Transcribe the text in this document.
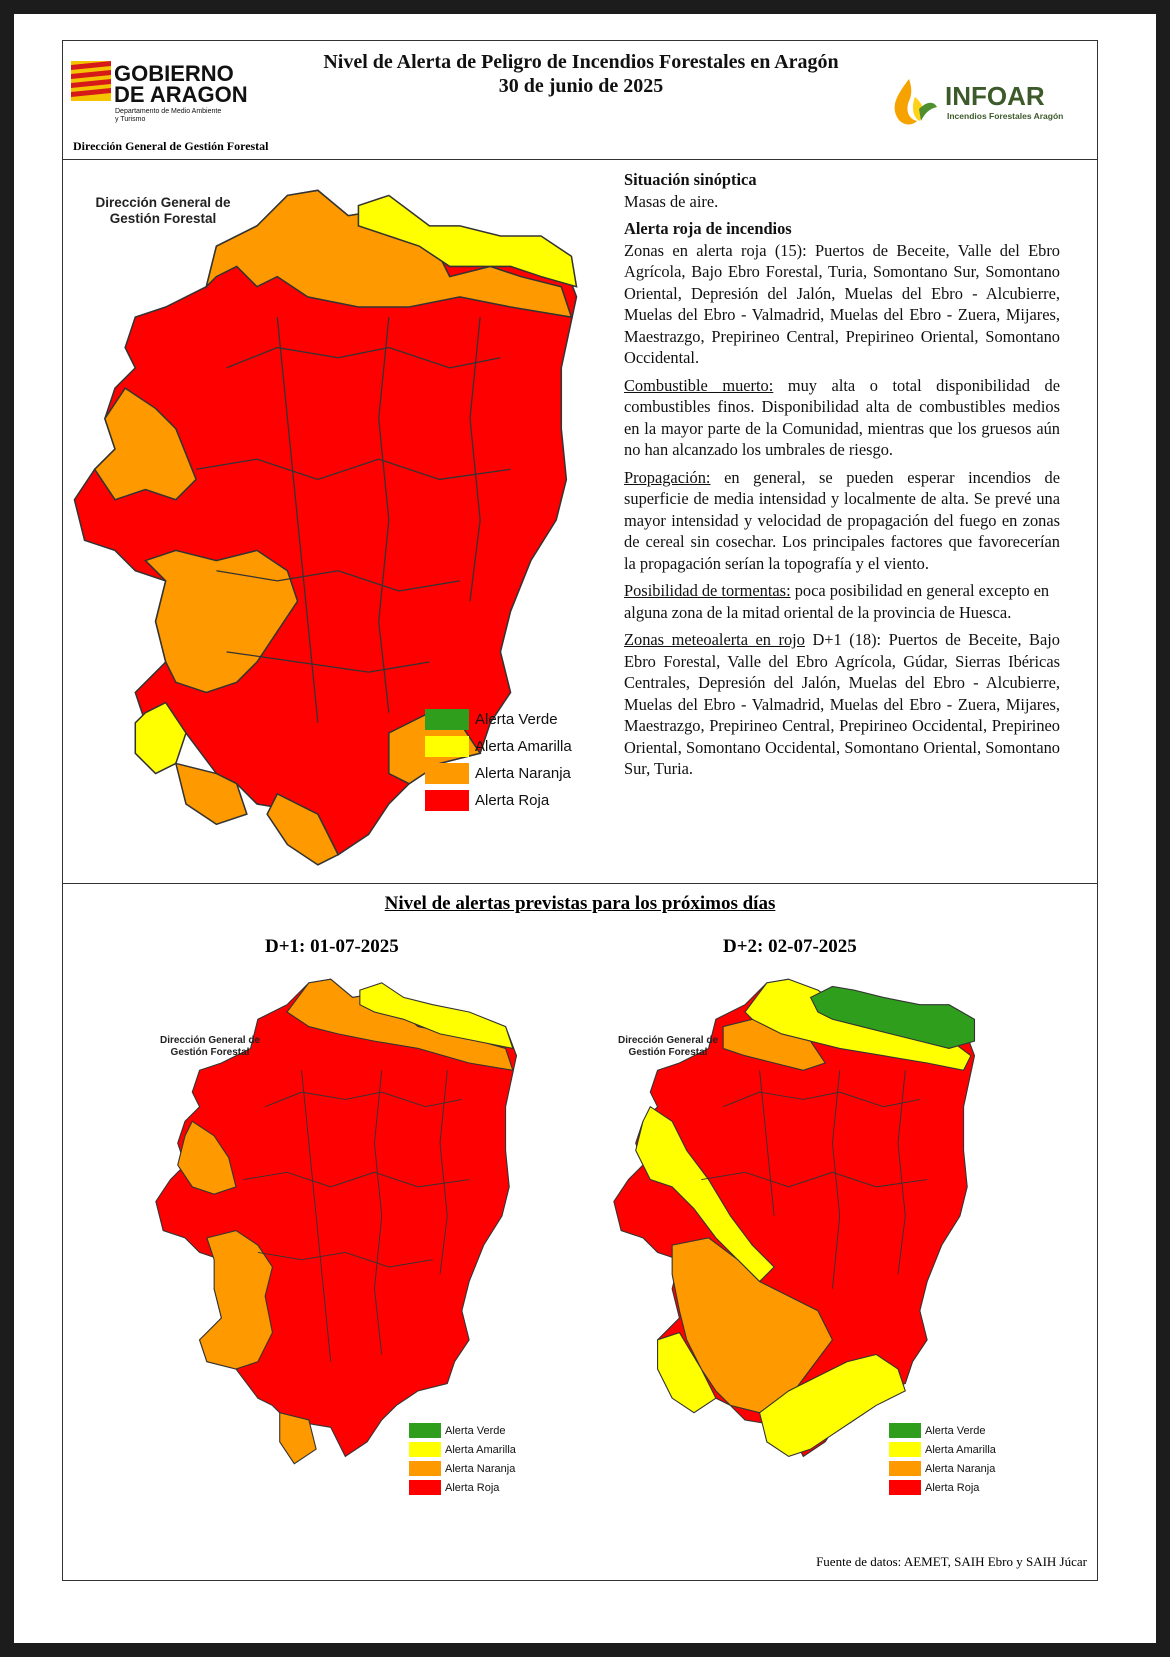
GOBIERNO
DE ARAGON
Departamento de Medio Ambiente
y Turismo
Nivel de Alerta de Peligro de Incendios Forestales en Aragón
30 de junio de 2025
Dirección General de Gestión Forestal
INFOAR
Incendios Forestales Aragón
Dirección General de
Gestión Forestal
Alerta Verde
Alerta Amarilla
Alerta Naranja
Alerta Roja

Situación sinóptica

Masas de aire.

Alerta roja de incendios

Zonas en alerta roja (15): Puertos de Beceite, Valle del Ebro Agrícola, Bajo Ebro Forestal, Turia, Somontano Sur, Somontano Oriental, Depresión del Jalón, Muelas del Ebro - Alcubierre, Muelas del Ebro - Valmadrid, Muelas del Ebro - Zuera, Mijares, Maestrazgo, Prepirineo Central, Prepirineo Oriental, Somontano Occidental.

Combustible muerto: muy alta o total disponibilidad de combustibles finos. Disponibilidad alta de combustibles medios en la mayor parte de la Comunidad, mientras que los gruesos aún no han alcanzado los umbrales de riesgo.

Propagación: en general, se pueden esperar incendios de superficie de media intensidad y localmente de alta. Se prevé una mayor intensidad y velocidad de propagación del fuego en zonas de cereal sin cosechar. Los principales factores que favorecerían la propagación serían la topografía y el viento.

Posibilidad de tormentas: poca posibilidad en general excepto en alguna zona de la mitad oriental de la provincia de Huesca.

Zonas meteoalerta en rojo D+1 (18): Puertos de Beceite, Bajo Ebro Forestal, Valle del Ebro Agrícola, Gúdar, Sierras Ibéricas Centrales, Depresión del Jalón, Muelas del Ebro - Alcubierre, Muelas del Ebro - Valmadrid, Muelas del Ebro - Zuera, Mijares, Maestrazgo, Prepirineo Central, Prepirineo Occidental, Prepirineo Oriental, Somontano Occidental, Somontano Oriental, Somontano Sur, Turia.

Nivel de alertas previstas para los próximos días
D+1: 01-07-2025	D+2: 02-07-2025
Dirección General de
Gestión Forestal
Alerta Verde
Alerta Amarilla
Alerta Naranja
Alerta Roja
Dirección General de
Gestión Forestal
Alerta Verde
Alerta Amarilla
Alerta Naranja
Alerta Roja
Fuente de datos: AEMET, SAIH Ebro y SAIH Júcar
